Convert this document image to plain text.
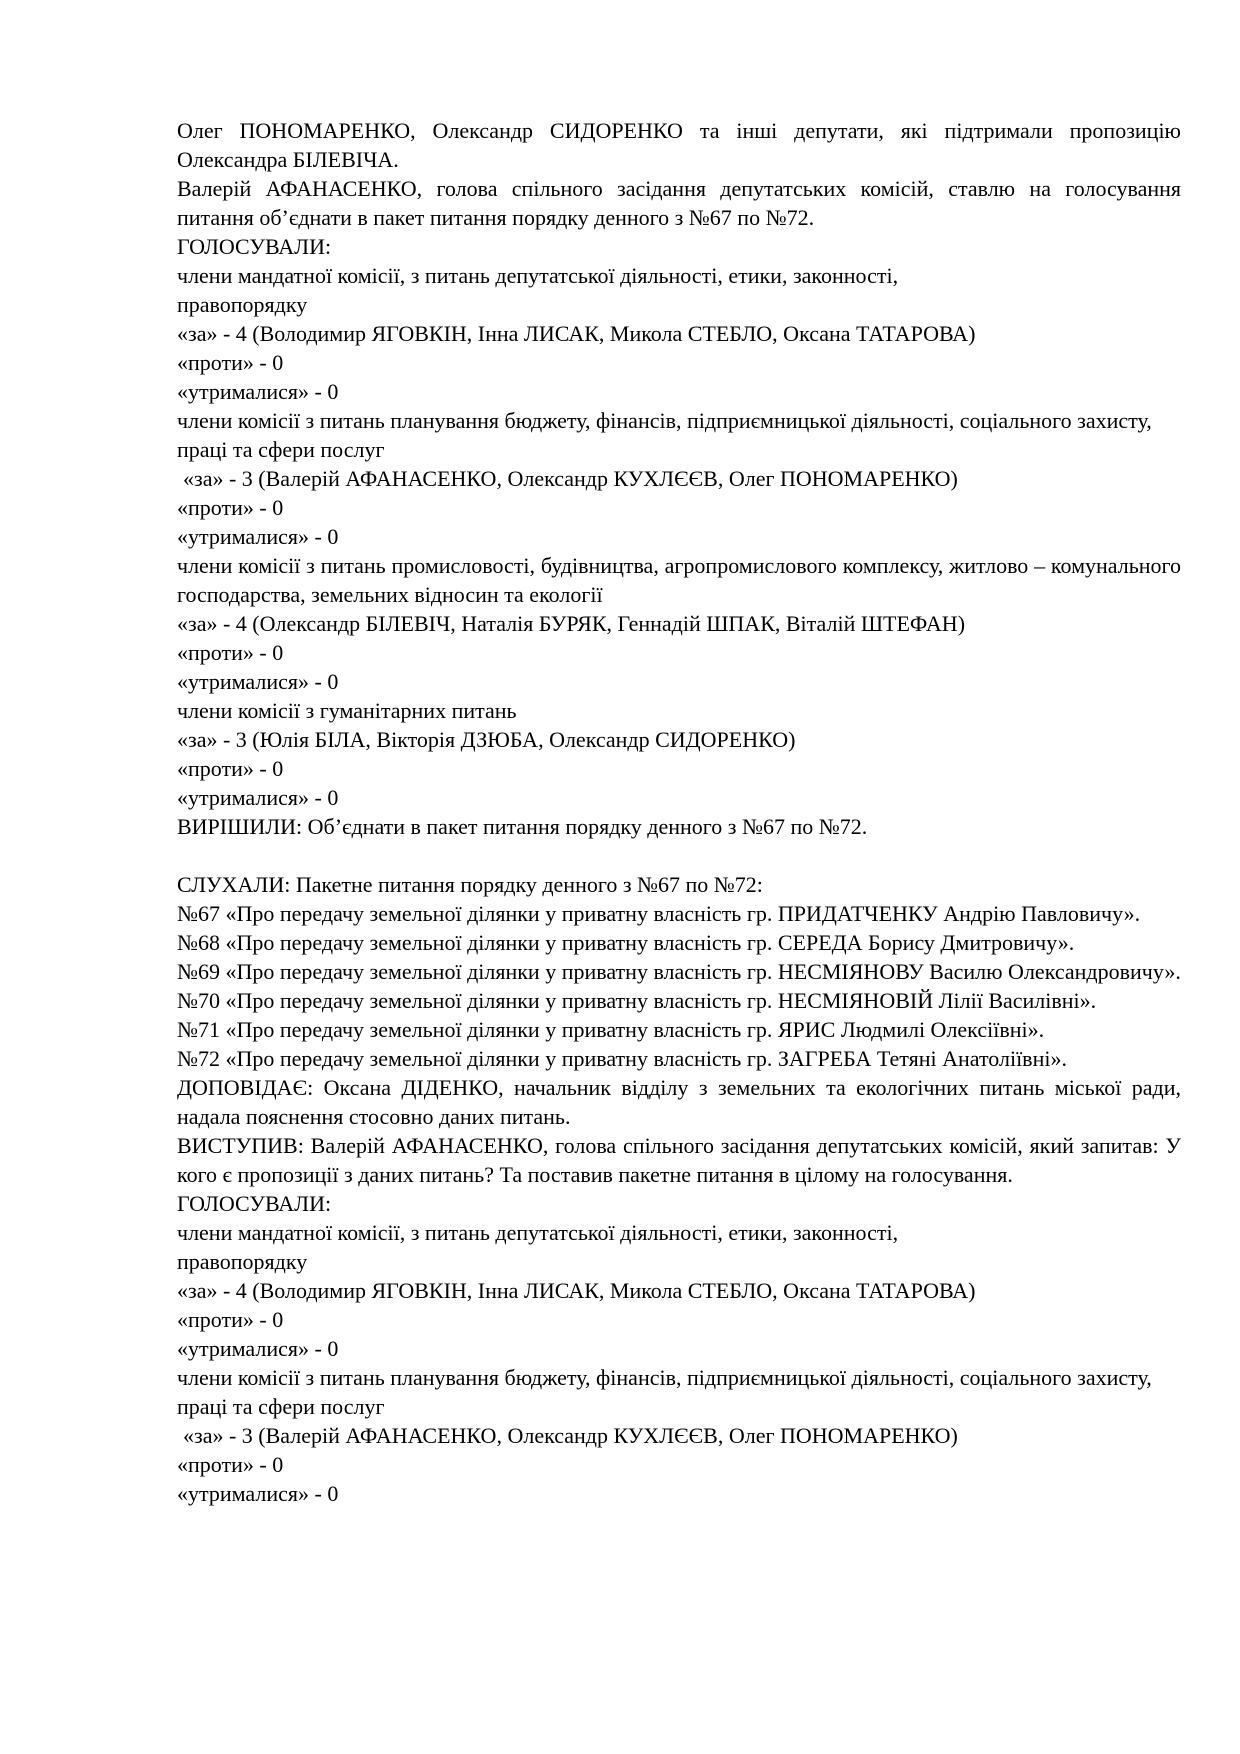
Олег ПОНОМАРЕНКО, Олександр СИДОРЕНКО та інші депутати, які підтримали пропозицію Олександра БІЛЕВІЧА.

Валерій АФАНАСЕНКО, голова спільного засідання депутатських комісій, ставлю на голосування питання об’єднати в пакет питання порядку денного з №67 по №72.

ГОЛОСУВАЛИ:

члени мандатної комісії, з питань депутатської діяльності, етики, законності, правопорядку

«за» - 4 (Володимир ЯГОВКІН, Інна ЛИСАК, Микола СТЕБЛО, Оксана ТАТАРОВА)

«проти» - 0

«утрималися» - 0

члени комісії з питань планування бюджету, фінансів, підприємницької діяльності, соціального захисту, праці та сфери послуг

«за» - 3 (Валерій АФАНАСЕНКО, Олександр КУХЛЄЄВ, Олег ПОНОМАРЕНКО)

«проти» - 0

«утрималися» - 0

члени комісії з питань промисловості, будівництва, агропромислового комплексу, житлово – комунального господарства, земельних відносин та екології

«за» - 4 (Олександр БІЛЕВІЧ, Наталія БУРЯК, Геннадій ШПАК, Віталій ШТЕФАН)

«проти» - 0

«утрималися» - 0

члени комісії з гуманітарних питань

«за» - 3 (Юлія БІЛА, Вікторія ДЗЮБА, Олександр СИДОРЕНКО)

«проти» - 0

«утрималися» - 0

ВИРІШИЛИ: Об’єднати в пакет питання порядку денного з №67 по №72.

СЛУХАЛИ: Пакетне питання порядку денного з №67 по №72:

№67 «Про передачу земельної ділянки у приватну власність гр. ПРИДАТЧЕНКУ Андрію Павловичу».

№68 «Про передачу земельної ділянки у приватну власність гр. СЕРЕДА Борису Дмитровичу».

№69 «Про передачу земельної ділянки у приватну власність гр. НЕСМІЯНОВУ Василю Олександровичу».

№70 «Про передачу земельної ділянки у приватну власність гр. НЕСМІЯНОВІЙ Лілії Василівні».

№71 «Про передачу земельної ділянки у приватну власність гр. ЯРИС Людмилі Олексіївні».

№72 «Про передачу земельної ділянки у приватну власність гр. ЗАГРЕБА Тетяні Анатоліївні».

ДОПОВІДАЄ: Оксана ДІДЕНКО, начальник відділу з земельних та екологічних питань міської ради, надала пояснення стосовно даних питань.

ВИСТУПИВ: Валерій АФАНАСЕНКО, голова спільного засідання депутатських комісій, який запитав: У кого є пропозиції з даних питань? Та поставив пакетне питання в цілому на голосування.

ГОЛОСУВАЛИ:

члени мандатної комісії, з питань депутатської діяльності, етики, законності, правопорядку

«за» - 4 (Володимир ЯГОВКІН, Інна ЛИСАК, Микола СТЕБЛО, Оксана ТАТАРОВА)

«проти» - 0

«утрималися» - 0

члени комісії з питань планування бюджету, фінансів, підприємницької діяльності, соціального захисту, праці та сфери послуг

«за» - 3 (Валерій АФАНАСЕНКО, Олександр КУХЛЄЄВ, Олег ПОНОМАРЕНКО)

«проти» - 0

«утрималися» - 0
